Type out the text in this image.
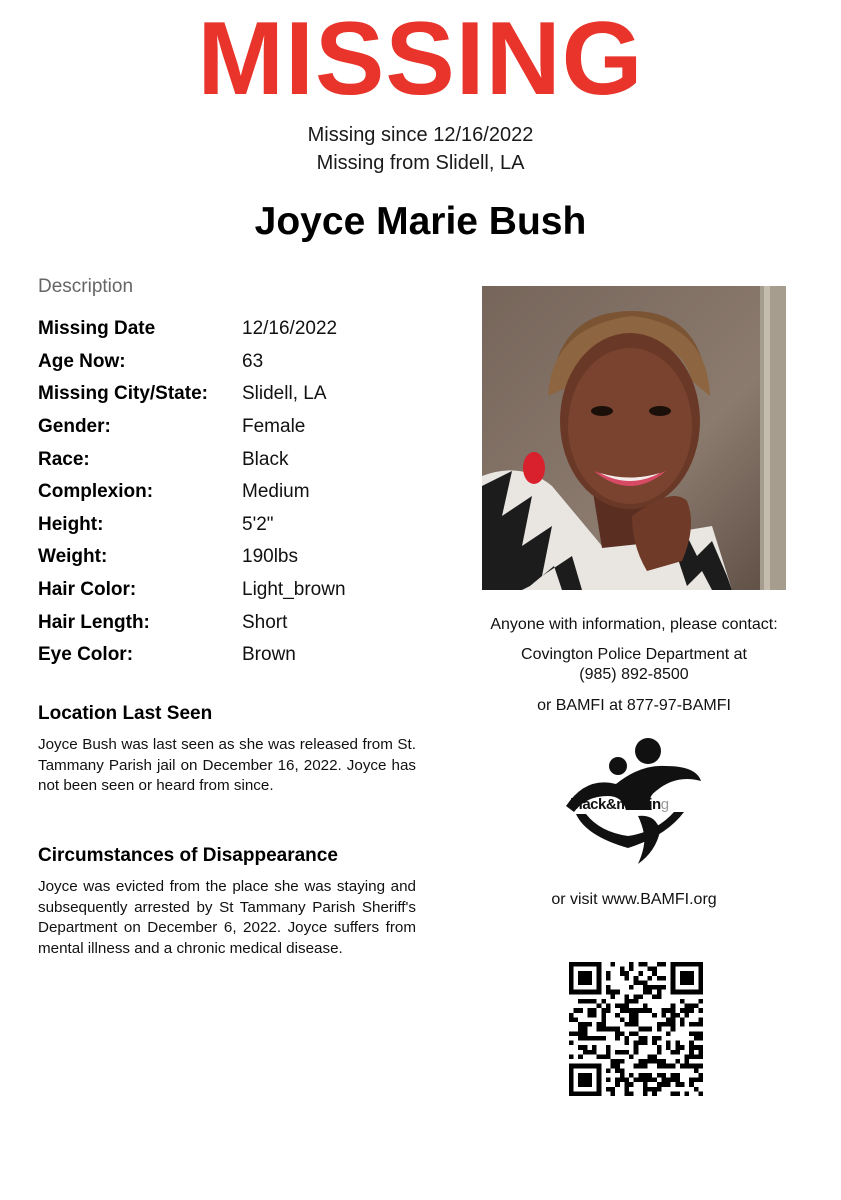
MISSING
Missing since 12/16/2022
Missing from Slidell, LA
Joyce Marie Bush
Description
Missing Date	12/16/2022
Age Now:	63
Missing City/State:	Slidell, LA
Gender:	Female
Race:	Black
Complexion:	Medium
Height:	5'2"
Weight:	190lbs
Hair Color:	Light_brown
Hair Length:	Short
Eye Color:	Brown
Location Last Seen
Joyce Bush was last seen as she was released from St. Tammany Parish jail on December 16, 2022. Joyce has not been seen or heard from since.
Circumstances of Disappearance
Joyce was evicted from the place she was staying and subsequently arrested by St Tammany Parish Sheriff's Department on December 6, 2022. Joyce suffers from mental illness and a chronic medical disease.
Anyone with information, please contact:
Covington Police Department at
(985) 892-8500
or BAMFI at 877-97-BAMFI
black&missing
or visit www.BAMFI.org
